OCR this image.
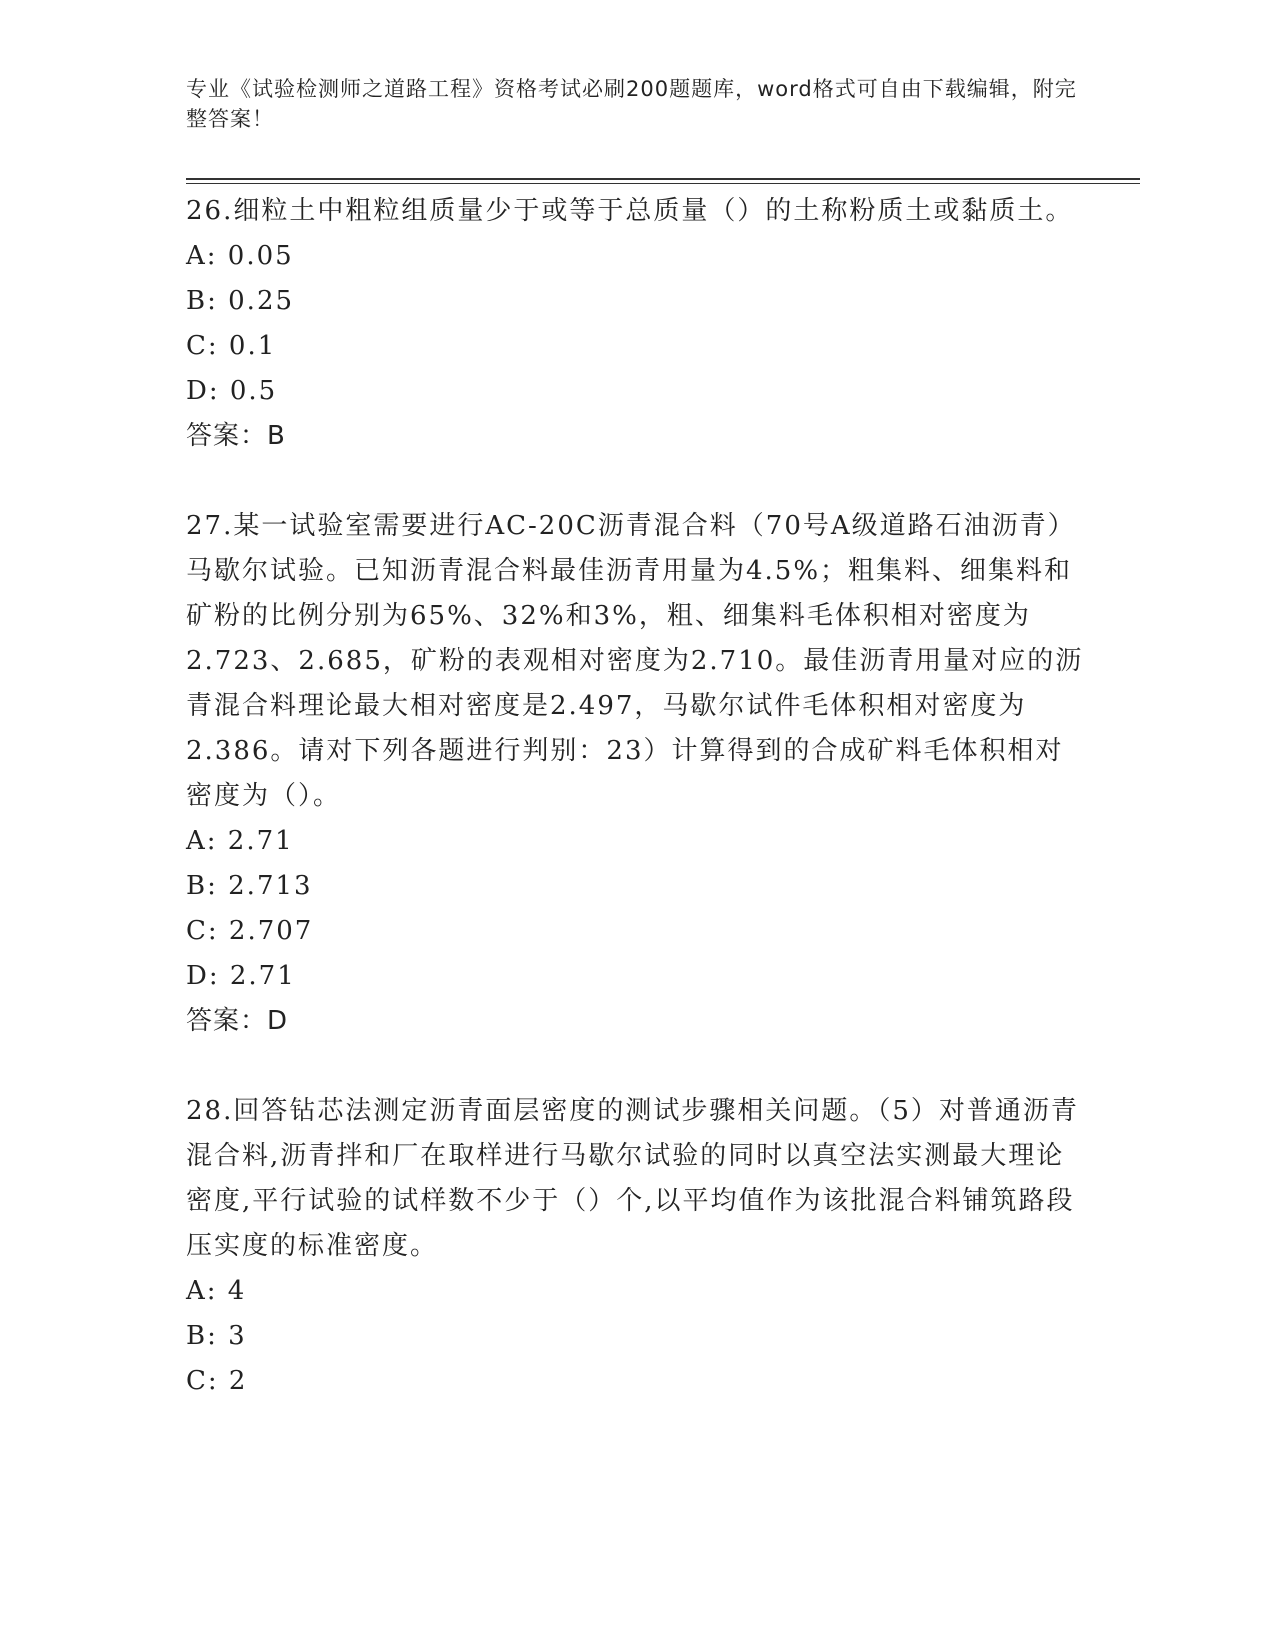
专业《试验检测师之道路工程》资格考试必刷200题题库，word格式可自由下载编辑，附完整答案！

26.细粒土中粗粒组质量少于或等于总质量（）的土称粉质土或黏质土。

A: 0.05

B: 0.25

C: 0.1

D: 0.5

答案：B

27.某一试验室需要进行AC-20C沥青混合料（70号A级道路石油沥青）马歇尔试验。已知沥青混合料最佳沥青用量为4.5%；粗集料、细集料和矿粉的比例分别为65%、32%和3%，粗、细集料毛体积相对密度为2.723、2.685，矿粉的表观相对密度为2.710。最佳沥青用量对应的沥青混合料理论最大相对密度是2.497，马歇尔试件毛体积相对密度为2.386。请对下列各题进行判别：23）计算得到的合成矿料毛体积相对密度为（）。

A: 2.71

B: 2.713

C: 2.707

D: 2.71

答案：D

28.回答钻芯法测定沥青面层密度的测试步骤相关问题。（5）对普通沥青混合料,沥青拌和厂在取样进行马歇尔试验的同时以真空法实测最大理论密度,平行试验的试样数不少于（）个,以平均值作为该批混合料铺筑路段压实度的标准密度。

A: 4

B: 3

C: 2
